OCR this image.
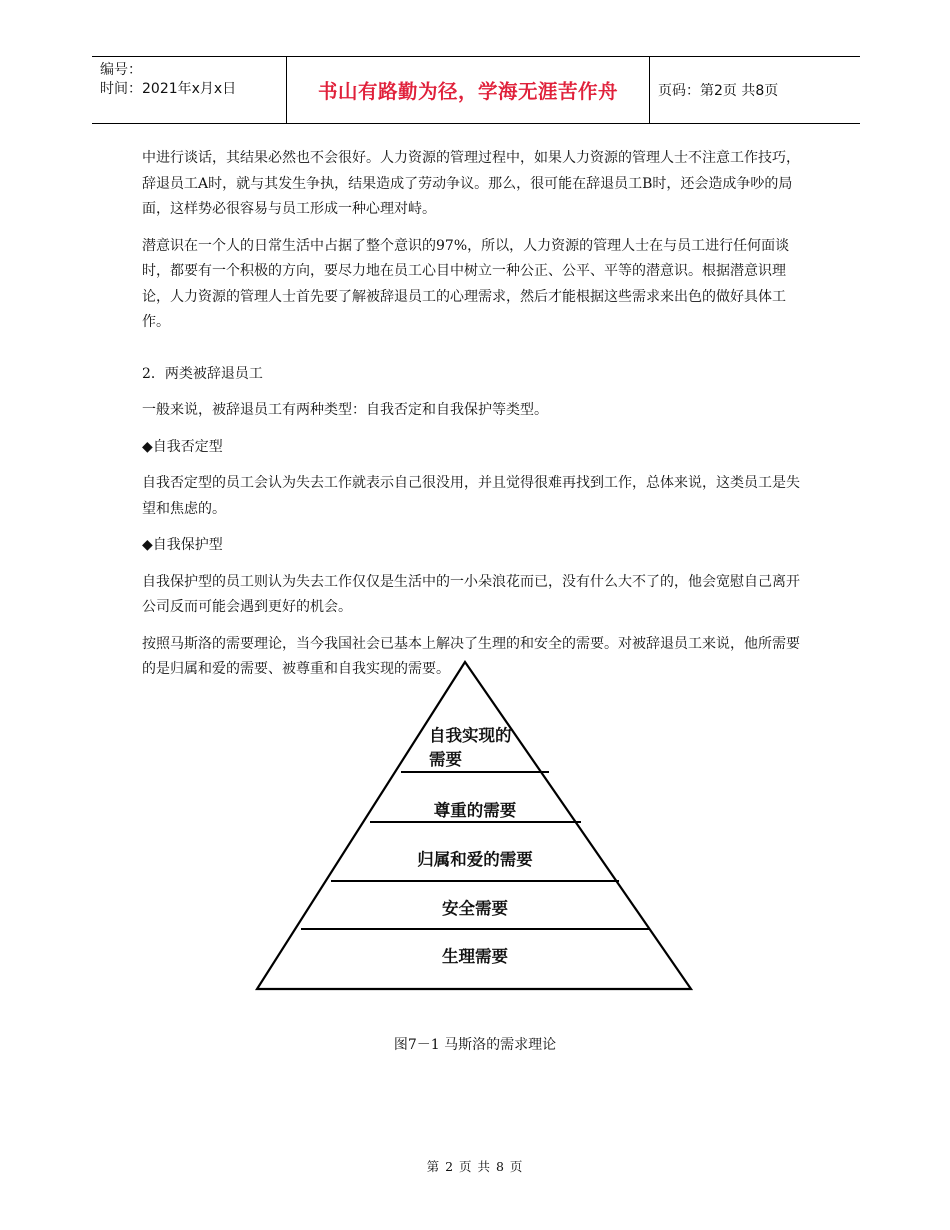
编号：
时间：2021年x月x日	书山有路勤为径，学海无涯苦作舟	页码：第2页 共8页

中进行谈话，其结果必然也不会很好。人力资源的管理过程中，如果人力资源的管理人士不注意工作技巧，辞退员工A时，就与其发生争执，结果造成了劳动争议。那么，很可能在辞退员工B时，还会造成争吵的局面，这样势必很容易与员工形成一种心理对峙。

潜意识在一个人的日常生活中占据了整个意识的97%，所以，人力资源的管理人士在与员工进行任何面谈时，都要有一个积极的方向，要尽力地在员工心目中树立一种公正、公平、平等的潜意识。根据潜意识理论，人力资源的管理人士首先要了解被辞退员工的心理需求，然后才能根据这些需求来出色的做好具体工作。

2．两类被辞退员工

一般来说，被辞退员工有两种类型：自我否定和自我保护等类型。

◆自我否定型

自我否定型的员工会认为失去工作就表示自己很没用，并且觉得很难再找到工作，总体来说，这类员工是失望和焦虑的。

◆自我保护型

自我保护型的员工则认为失去工作仅仅是生活中的一小朵浪花而已，没有什么大不了的，他会宽慰自己离开公司反而可能会遇到更好的机会。

按照马斯洛的需要理论，当今我国社会已基本上解决了生理的和安全的需要。对被辞退员工来说，他所需要的是归属和爱的需要、被尊重和自我实现的需要。

自我实现的
需要
尊重的需要
归属和爱的需要
安全需要
生理需要
图7－1 马斯洛的需求理论
第 2 页 共 8 页
